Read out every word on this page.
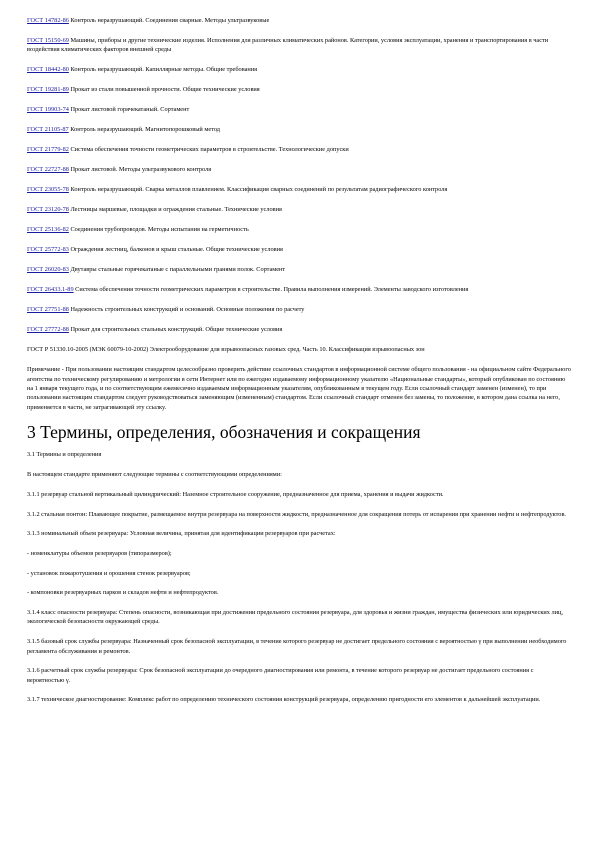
ГОСТ 14782-86 Контроль неразрушающий. Соединения сварные. Методы ультразвуковые

ГОСТ 15150-69 Машины, приборы и другие технические изделия. Исполнения для различных климатических районов. Категории, условия эксплуатации, хранения и транспортирования в части воздействия климатических факторов внешней среды

ГОСТ 18442-80 Контроль неразрушающий. Капиллярные методы. Общие требования

ГОСТ 19281-89 Прокат из стали повышенной прочности. Общие технические условия

ГОСТ 19903-74 Прокат листовой горячекатаный. Сортамент

ГОСТ 21105-87 Контроль неразрушающий. Магнитопорошковый метод

ГОСТ 21779-82 Система обеспечения точности геометрических параметров в строительстве. Технологические допуски

ГОСТ 22727-88 Прокат листовой. Методы ультразвукового контроля

ГОСТ 23055-78 Контроль неразрушающий. Сварка металлов плавлением. Классификация сварных соединений по результатам радиографического контроля

ГОСТ 23120-78 Лестницы маршевые, площадки и ограждения стальные. Технические условия

ГОСТ 25136-82 Соединения трубопроводов. Методы испытания на герметичность

ГОСТ 25772-83 Ограждения лестниц, балконов и крыш стальные. Общие технические условия

ГОСТ 26020-83 Двутавры стальные горячекатаные с параллельными гранями полок. Сортамент

ГОСТ 26433.1-89 Система обеспечения точности геометрических параметров в строительстве. Правила выполнения измерений. Элементы заводского изготовления

ГОСТ 27751-88 Надежность строительных конструкций и оснований. Основные положения по расчету

ГОСТ 27772-88 Прокат для строительных стальных конструкций. Общие технические условия

ГОСТ Р 51330.10-2005 (МЭК 60079-10-2002) Электрооборудование для взрывоопасных газовых сред. Часть 10. Классификация взрывоопасных зон

Примечание - При пользовании настоящим стандартом целесообразно проверить действие ссылочных стандартов в информационной системе общего пользования - на официальном сайте Федерального агентства по техническому регулированию и метрологии в сети Интернет или по ежегодно издаваемому информационному указателю «Национальные стандарты», который опубликован по состоянию на 1 января текущего года, и по соответствующим ежемесячно издаваемым информационным указателям, опубликованным в текущем году. Если ссылочный стандарт заменен (изменен), то при пользовании настоящим стандартом следует руководствоваться заменяющим (измененным) стандартом. Если ссылочный стандарт отменен без замены, то положение, в котором дана ссылка на него, применяется в части, не затрагивающей эту ссылку.

3 Термины, определения, обозначения и сокращения

3.1 Термины и определения

В настоящем стандарте применяют следующие термины с соответствующими определениями:

3.1.1 резервуар стальной вертикальный цилиндрический: Наземное строительное сооружение, предназначенное для приема, хранения и выдачи жидкости.

3.1.2 стальная понтон: Плавающее покрытие, размещаемое внутри резервуара на поверхности жидкости, предназначенное для сокращения потерь от испарения при хранении нефти и нефтепродуктов.

3.1.3 номинальный объем резервуара: Условная величина, принятая для идентификации резервуаров при расчетах:

- номенклатуры объемов резервуаров (типоразмеров);

- установок пожаротушения и орошения стенок резервуаров;

- компоновки резервуарных парков и складов нефти и нефтепродуктов.

3.1.4 класс опасности резервуара: Степень опасности, возникающая при достижении предельного состояния резервуара, для здоровья и жизни граждан, имущества физических или юридических лиц, экологической безопасности окружающей среды.

3.1.5 базовый срок службы резервуара: Назначенный срок безопасной эксплуатации, в течение которого резервуар не достигает предельного состояния с вероятностью γ при выполнении необходимого регламента обслуживания и ремонтов.

3.1.6 расчетный срок службы резервуара: Срок безопасной эксплуатации до очередного диагностирования или ремонта, в течение которого резервуар не достигает предельного состояния с вероятностью γ.

3.1.7 техническое диагностирование: Комплекс работ по определению технического состояния конструкций резервуара, определению пригодности его элементов к дальнейшей эксплуатации.
